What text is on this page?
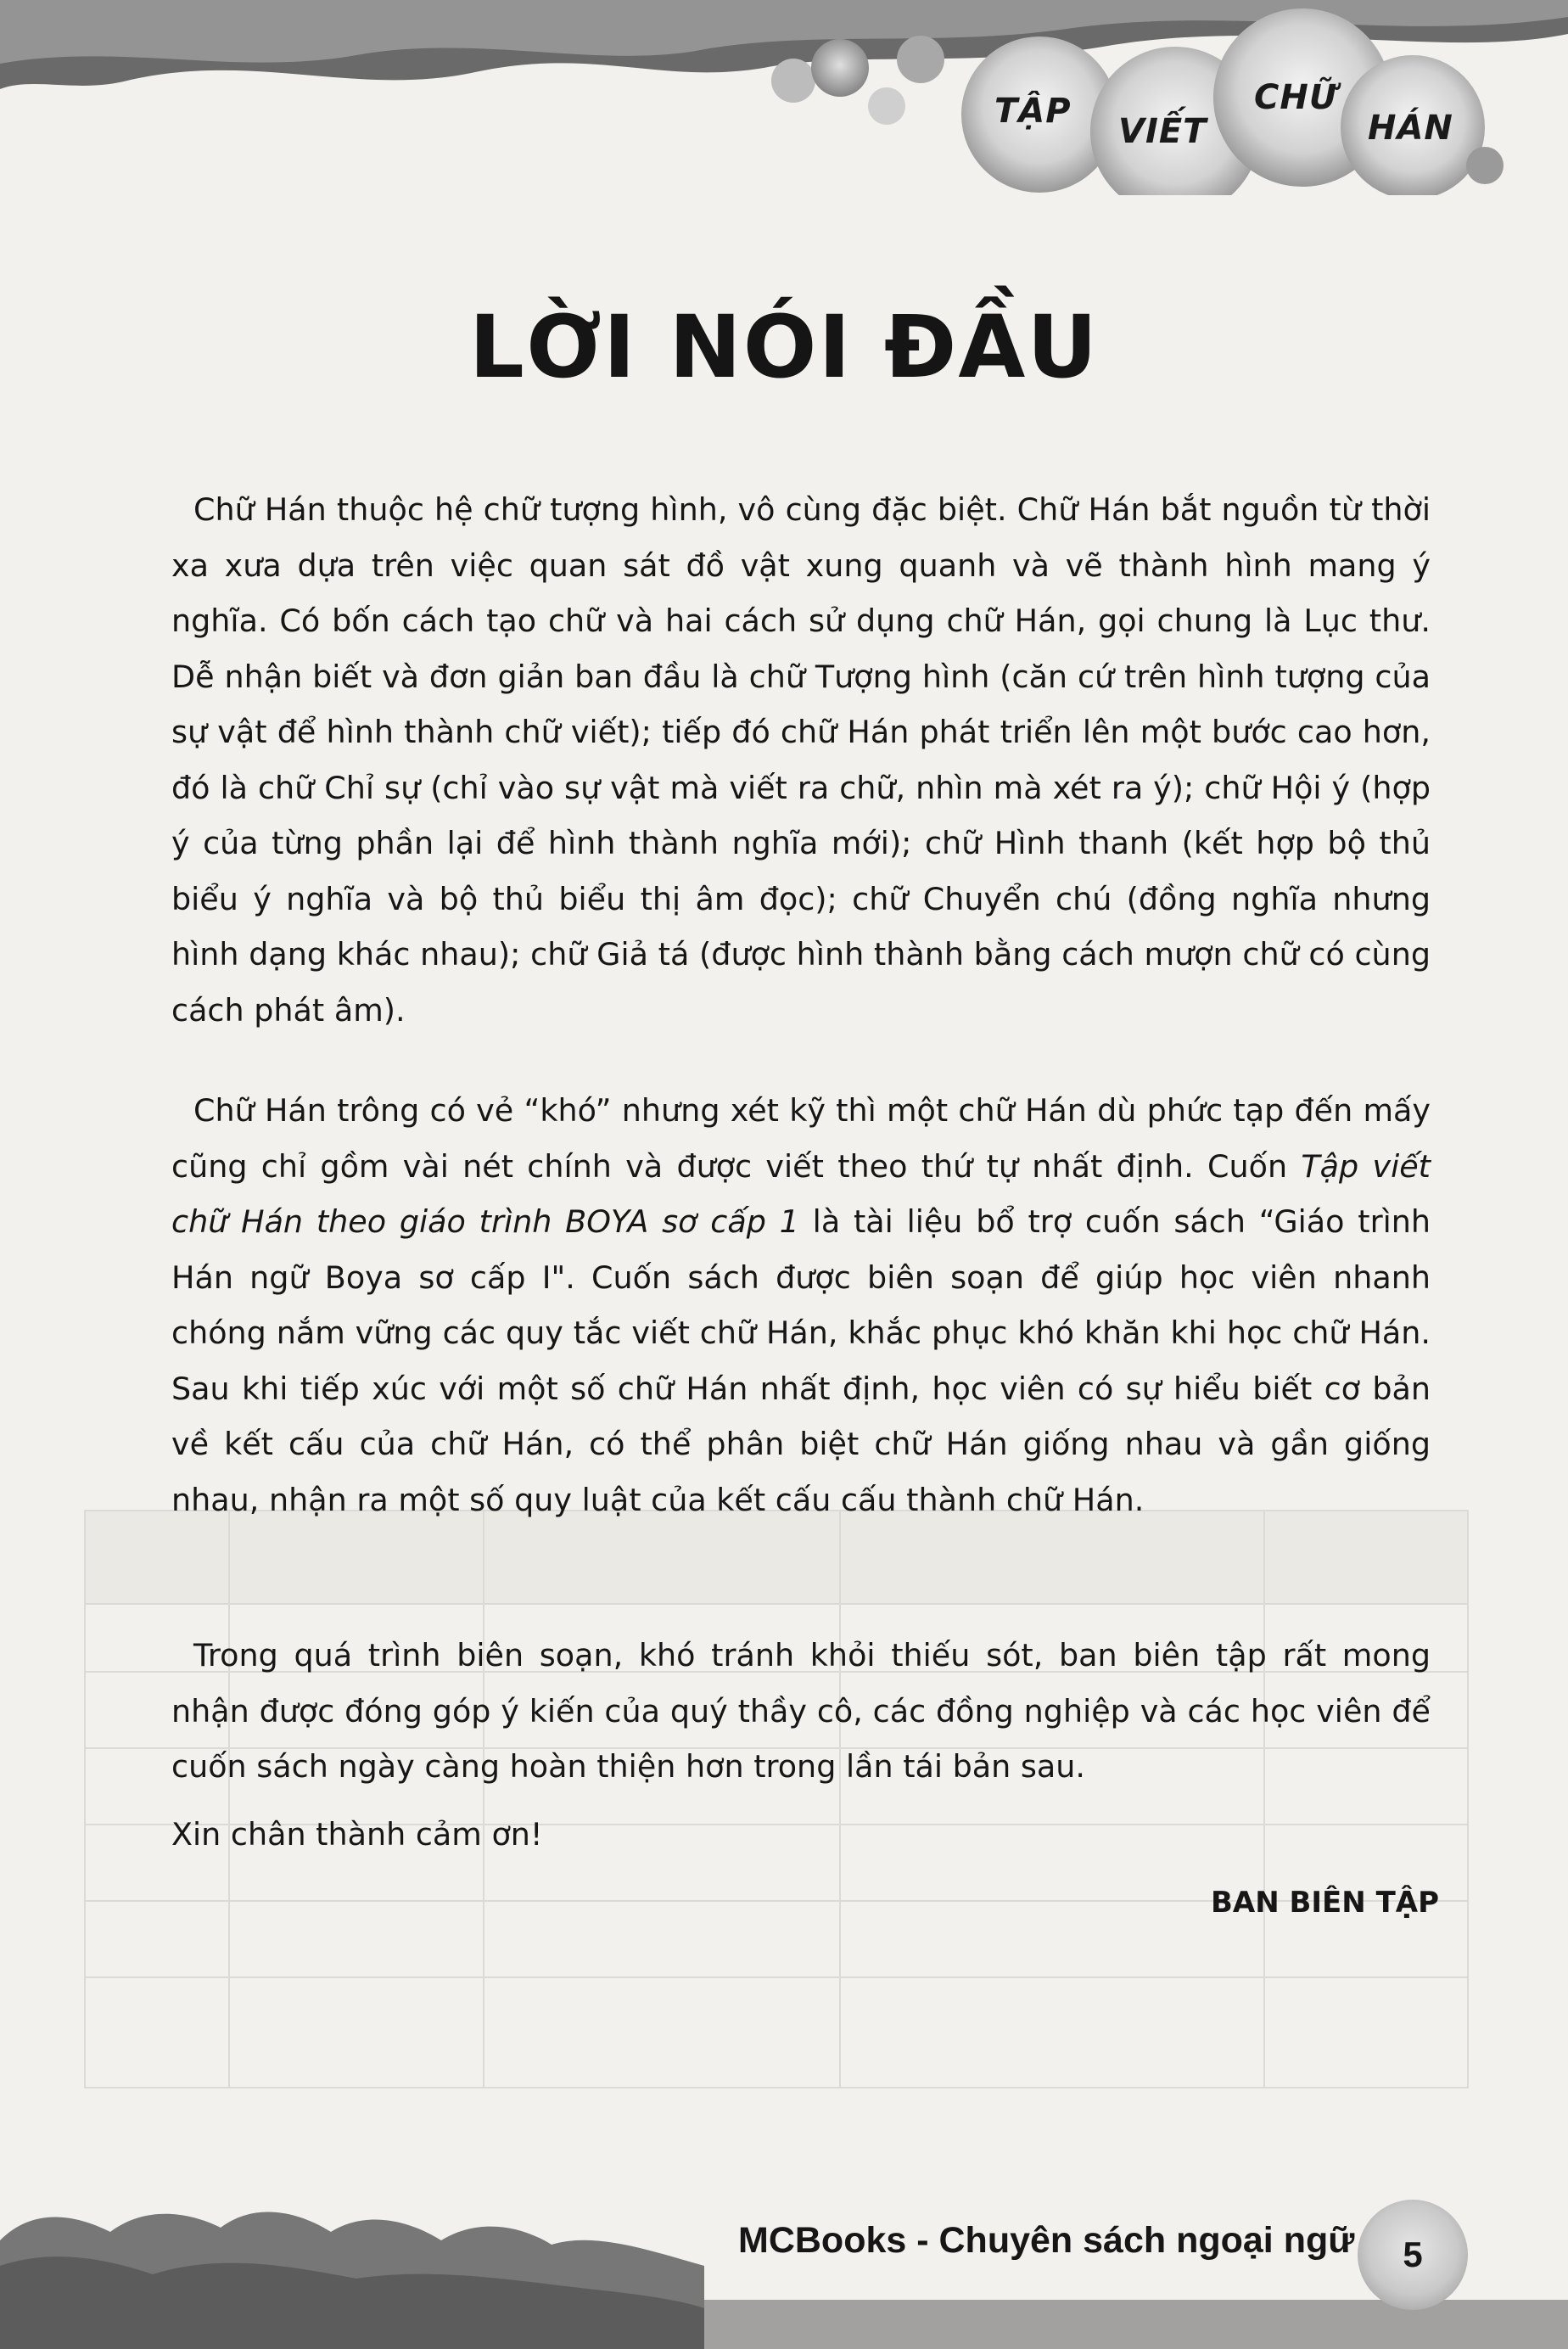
TẬP
VIẾT
CHỮ
HÁN
LỜI NÓI ĐẦU

Chữ Hán thuộc hệ chữ tượng hình, vô cùng đặc biệt. Chữ Hán bắt nguồn từ thời xa xưa dựa trên việc quan sát đồ vật xung quanh và vẽ thành hình mang ý nghĩa. Có bốn cách tạo chữ và hai cách sử dụng chữ Hán, gọi chung là Lục thư. Dễ nhận biết và đơn giản ban đầu là chữ Tượng hình (căn cứ trên hình tượng của sự vật để hình thành chữ viết); tiếp đó chữ Hán phát triển lên một bước cao hơn, đó là chữ Chỉ sự (chỉ vào sự vật mà viết ra chữ, nhìn mà xét ra ý); chữ Hội ý (hợp ý của từng phần lại để hình thành nghĩa mới); chữ Hình thanh (kết hợp bộ thủ biểu ý nghĩa và bộ thủ biểu thị âm đọc); chữ Chuyển chú (đồng nghĩa nhưng hình dạng khác nhau); chữ Giả tá (được hình thành bằng cách mượn chữ có cùng cách phát âm).

Chữ Hán trông có vẻ “khó” nhưng xét kỹ thì một chữ Hán dù phức tạp đến mấy cũng chỉ gồm vài nét chính và được viết theo thứ tự nhất định. Cuốn Tập viết chữ Hán theo giáo trình BOYA sơ cấp 1 là tài liệu bổ trợ cuốn sách “Giáo trình Hán ngữ Boya sơ cấp I". Cuốn sách được biên soạn để giúp học viên nhanh chóng nắm vững các quy tắc viết chữ Hán, khắc phục khó khăn khi học chữ Hán. Sau khi tiếp xúc với một số chữ Hán nhất định, học viên có sự hiểu biết cơ bản về kết cấu của chữ Hán, có thể phân biệt chữ Hán giống nhau và gần giống nhau, nhận ra một số quy luật của kết cấu cấu thành chữ Hán.

Trong quá trình biên soạn, khó tránh khỏi thiếu sót, ban biên tập rất mong nhận được đóng góp ý kiến của quý thầy cô, các đồng nghiệp và các học viên để cuốn sách ngày càng hoàn thiện hơn trong lần tái bản sau.

Xin chân thành cảm ơn!
BAN BIÊN TẬP
MCBooks - Chuyên sách ngoại ngữ 5
